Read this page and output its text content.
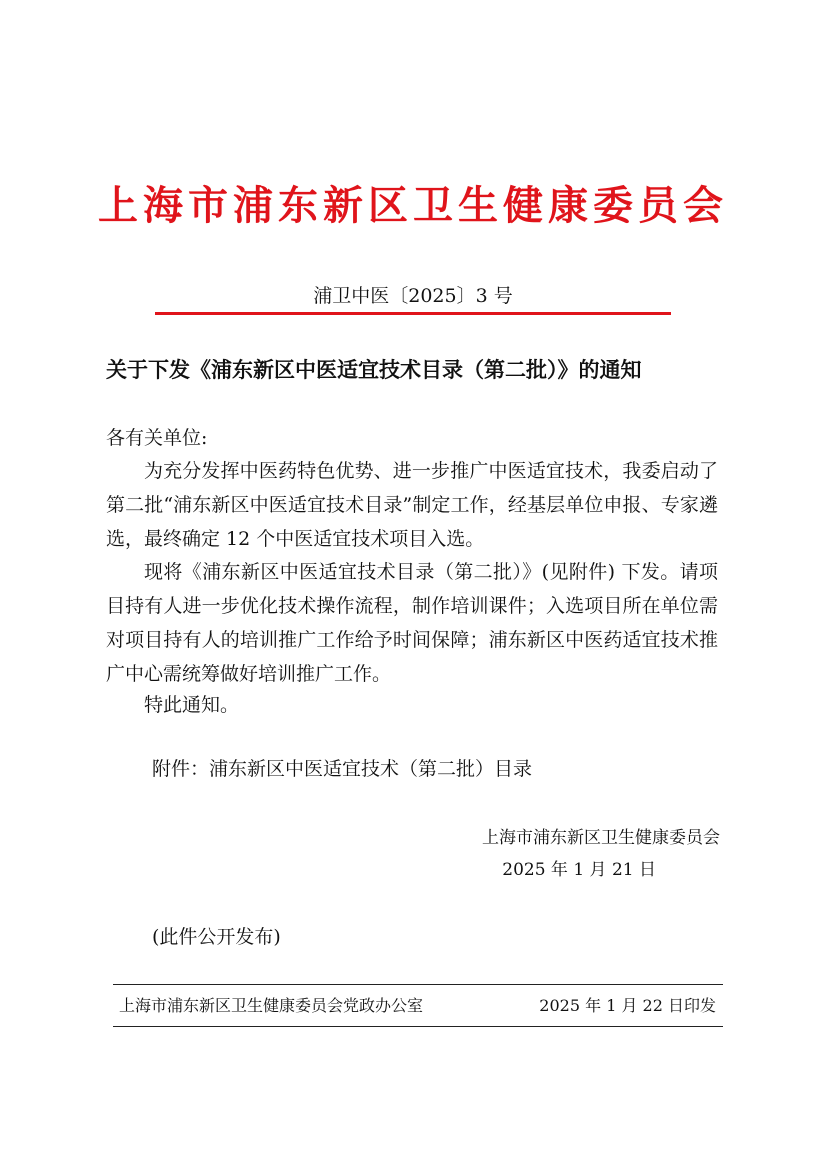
上海市浦东新区卫生健康委员会
浦卫中医〔2025〕3 号
关于下发《浦东新区中医适宜技术目录（第二批）》的通知
各有关单位:
为充分发挥中医药特色优势、进一步推广中医适宜技术，我委启动了第二批“浦东新区中医适宜技术目录”制定工作，经基层单位申报、专家遴选，最终确定 12 个中医适宜技术项目入选。
现将《浦东新区中医适宜技术目录（第二批）》(见附件) 下发。请项目持有人进一步优化技术操作流程，制作培训课件；入选项目所在单位需对项目持有人的培训推广工作给予时间保障；浦东新区中医药适宜技术推广中心需统筹做好培训推广工作。
特此通知。
附件：浦东新区中医适宜技术（第二批）目录
上海市浦东新区卫生健康委员会
2025 年 1 月 21 日
(此件公开发布)
上海市浦东新区卫生健康委员会党政办公室	2025 年 1 月 22 日印发
